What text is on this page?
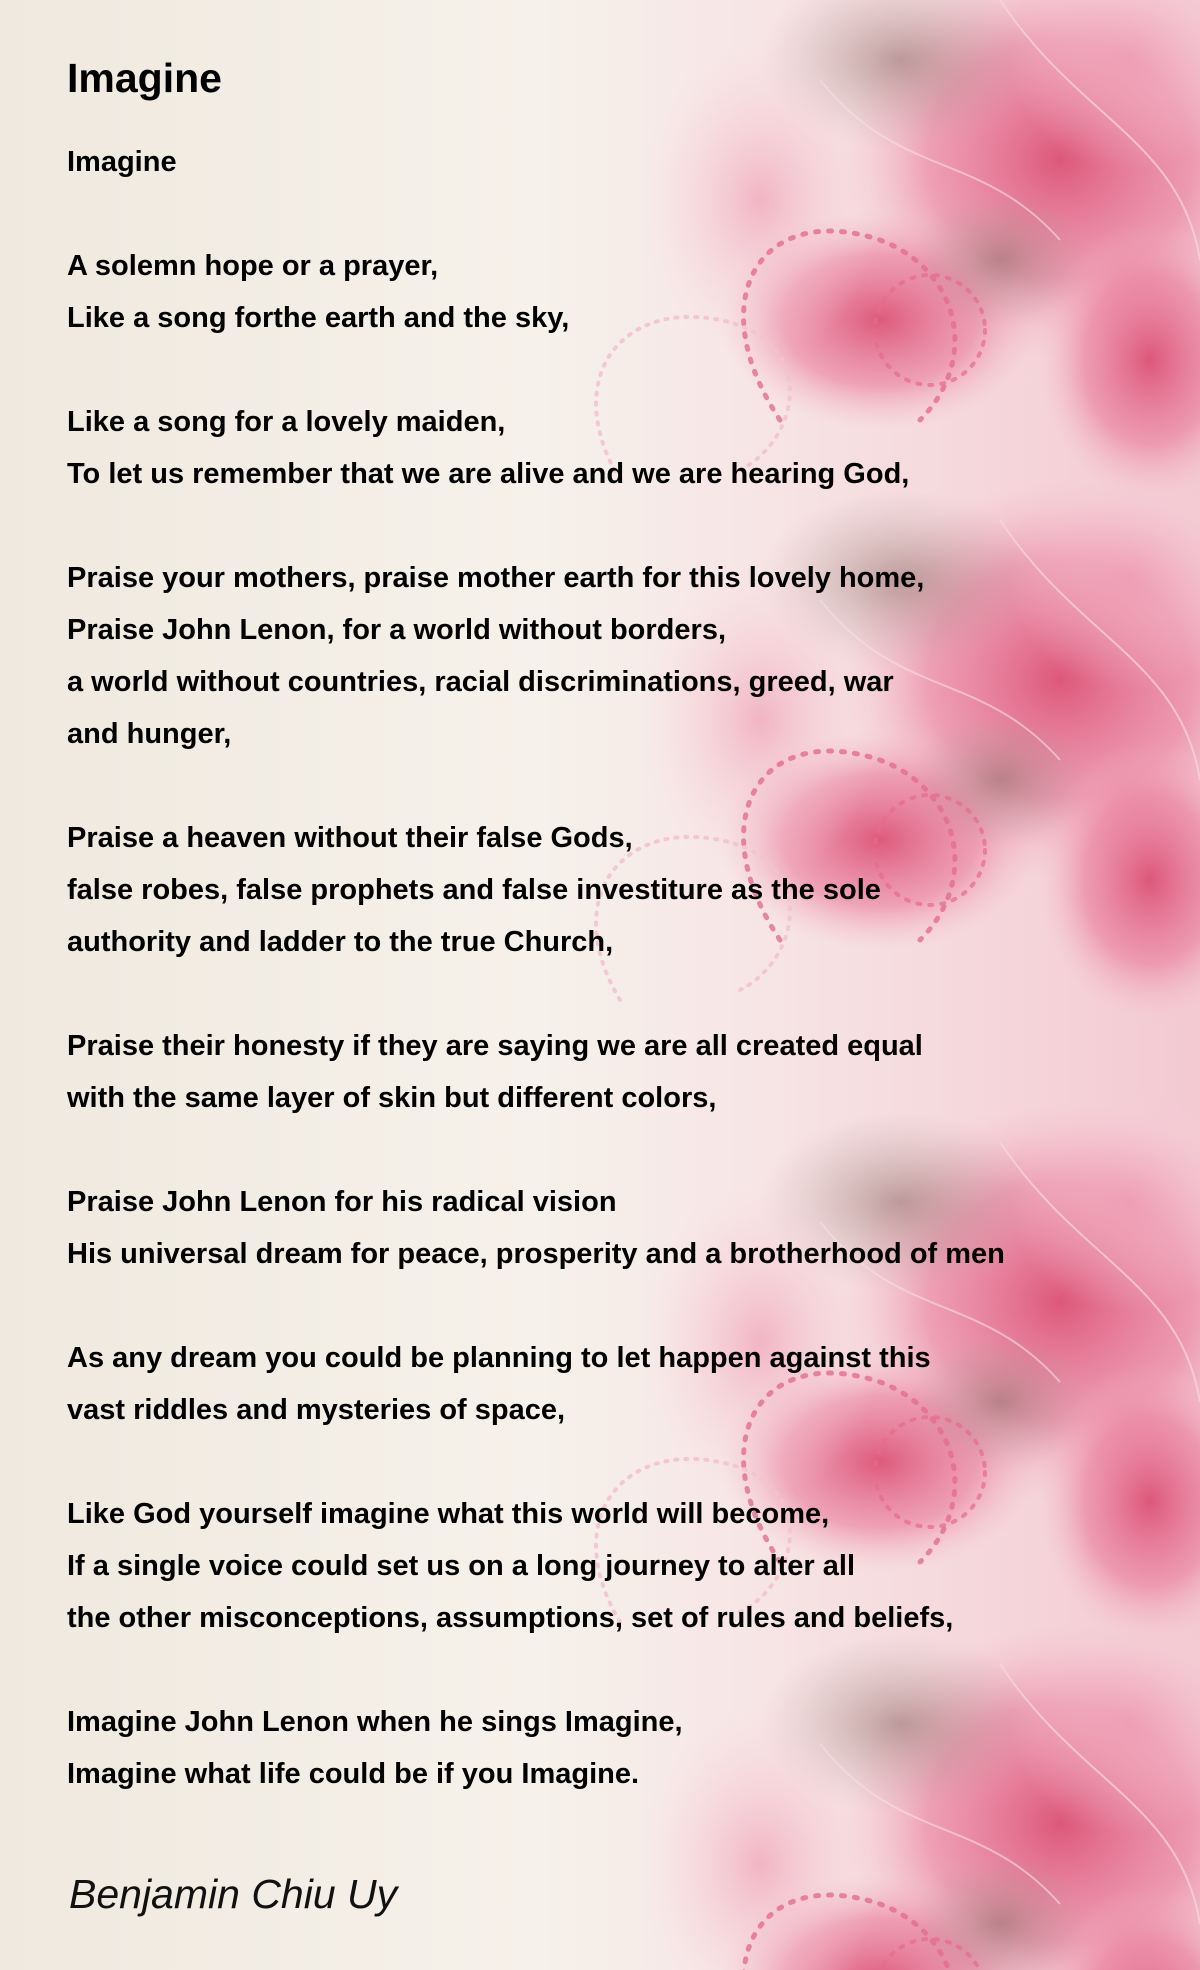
Imagine
Imagine
A solemn hope or a prayer,
Like a song forthe earth and the sky,
Like a song for a lovely maiden,
To let us remember that we are alive and we are hearing God,
Praise your mothers, praise mother earth for this lovely home,
Praise John Lenon, for a world without borders,
a world without countries, racial discriminations, greed, war
and hunger,
Praise a heaven without their false Gods,
false robes, false prophets and false investiture as the sole
authority and ladder to the true Church,
Praise their honesty if they are saying we are all created equal
with the same layer of skin but different colors,
Praise John Lenon for his radical vision
His universal dream for peace, prosperity and a brotherhood of men
As any dream you could be planning to let happen against this
vast riddles and mysteries of space,
Like God yourself imagine what this world will become,
If a single voice could set us on a long journey to alter all
the other misconceptions, assumptions, set of rules and beliefs,
Imagine John Lenon when he sings Imagine,
Imagine what life could be if you Imagine.
Benjamin Chiu Uy
